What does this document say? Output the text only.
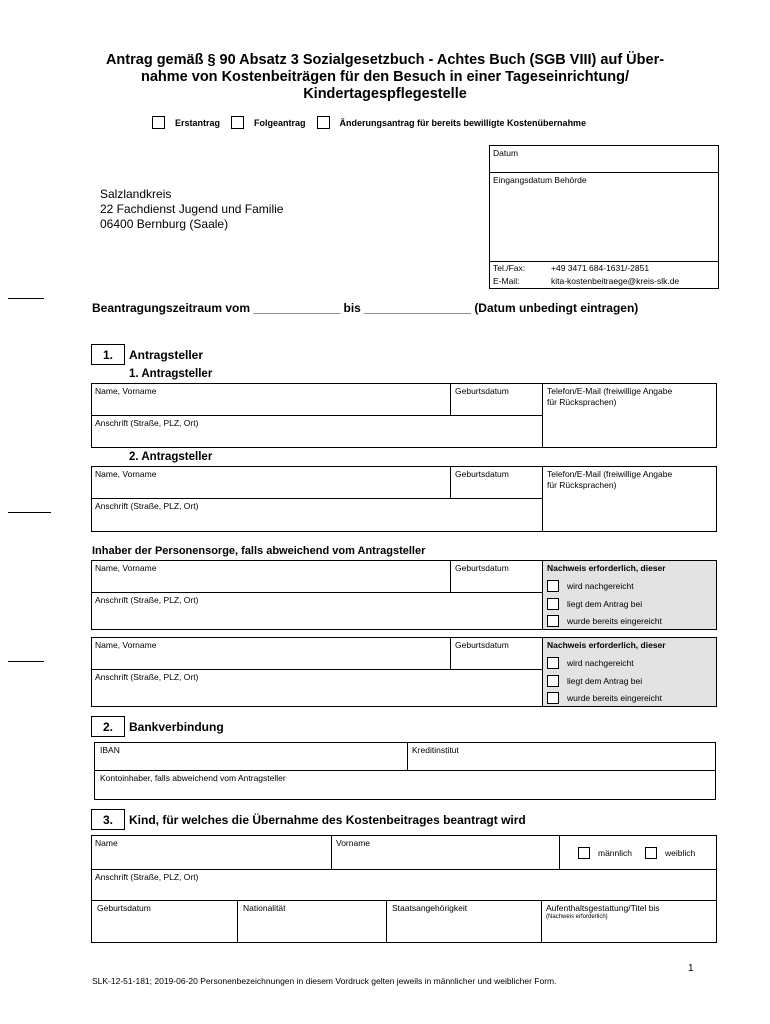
Antrag gemäß § 90 Absatz 3 Sozialgesetzbuch - Achtes Buch (SGB VIII) auf Über-
nahme von Kostenbeiträgen für den Besuch in einer Tageseinrichtung/
Kindertagespflegestelle
Erstantrag	Folgeantrag	Änderungsantrag für bereits bewilligte Kostenübernahme
Salzlandkreis
22 Fachdienst Jugend und Familie
06400 Bernburg (Saale)
Datum
Eingangsdatum Behörde
Tel./Fax:	+49 3471 684-1631/-2851
E-Mail:	kita-kostenbeitraege@kreis-slk.de
Beantragungszeitraum vom _____________ bis ________________ (Datum unbedingt eintragen)
1.	Antragsteller
1. Antragsteller
Name, Vorname	Geburtsdatum	Telefon/E-Mail (freiwillige Angabe
für Rücksprachen)
Anschrift (Straße, PLZ, Ort)
2. Antragsteller
Name, Vorname	Geburtsdatum	Telefon/E-Mail (freiwillige Angabe
für Rücksprachen)
Anschrift (Straße, PLZ, Ort)
Inhaber der Personensorge, falls abweichend vom Antragsteller
Name, Vorname	Geburtsdatum
Anschrift (Straße, PLZ, Ort)
Nachweis erforderlich, dieser
wird nachgereicht
liegt dem Antrag bei
wurde bereits eingereicht
Name, Vorname	Geburtsdatum
Anschrift (Straße, PLZ, Ort)
Nachweis erforderlich, dieser
wird nachgereicht
liegt dem Antrag bei
wurde bereits eingereicht
2.	Bankverbindung
IBAN	Kreditinstitut
Kontoinhaber, falls abweichend vom Antragsteller
3.	Kind, für welches die Übernahme des Kostenbeitrages beantragt wird
Name	Vorname
männlich	weiblich
Anschrift (Straße, PLZ, Ort)
Geburtsdatum	Nationalität	Staatsangehörigkeit	Aufenthaltsgestattung/Titel bis
(Nachweis erforderlich)
1
SLK-12-51-181; 2019-06-20 Personenbezeichnungen in diesem Vordruck gelten jeweils in männlicher und weiblicher Form.
